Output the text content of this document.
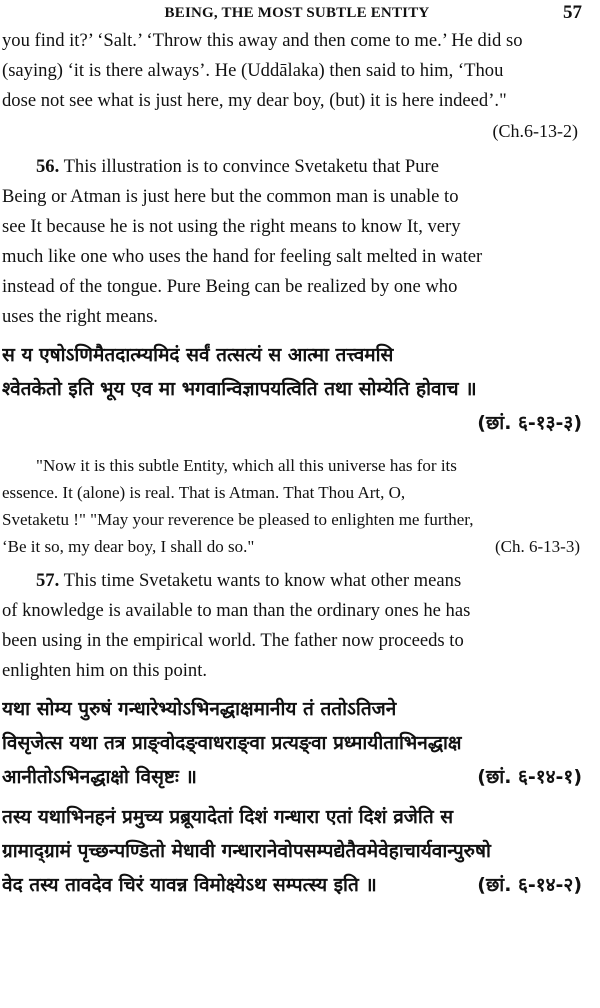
BEING, THE MOST SUBTLE ENTITY	57
you find it?’ ‘Salt.’ ‘Throw this away and then come to me.’ He did so
(saying) ‘it is there always’. He (Uddālaka) then said to him, ‘Thou
dose not see what is just here, my dear boy, (but) it is here indeed’."
(Ch.6-13-2)
56. This illustration is to convince Svetaketu that Pure
Being or Atman is just here but the common man is unable to
see It because he is not using the right means to know It, very
much like one who uses the hand for feeling salt melted in water
instead of the tongue. Pure Being can be realized by one who
uses the right means.
स य एषोऽणिमैतदात्म्यमिदं सर्वं तत्सत्यं स आत्मा तत्त्वमसि
श्वेतकेतो इति भूय एव मा भगवान्विज्ञापयत्विति तथा सोम्येति होवाच ॥
(छां. ६-१३-३)
"Now it is this subtle Entity, which all this universe has for its
essence. It (alone) is real. That is Atman. That Thou Art, O,
Svetaketu !" "May your reverence be pleased to enlighten me further,
‘Be it so, my dear boy, I shall do so."	(Ch. 6-13-3)
57. This time Svetaketu wants to know what other means
of knowledge is available to man than the ordinary ones he has
been using in the empirical world. The father now proceeds to
enlighten him on this point.
यथा सोम्य पुरुषं गन्धारेभ्योऽभिनद्धाक्षमानीय तं ततोऽतिजने
विसृजेत्स यथा तत्र प्राङ्वोदङ्वाधराङ्वा प्रत्यङ्वा प्रध्मायीताभिनद्धाक्ष
आनीतोऽभिनद्धाक्षो विसृष्टः ॥	(छां. ६-१४-१)
तस्य यथाभिनहनं प्रमुच्य प्रब्रूयादेतां दिशं गन्धारा एतां दिशं व्रजेति स
ग्रामाद्ग्रामं पृच्छन्पण्डितो मेधावी गन्धारानेवोपसम्पद्येतैवमेवेहाचार्यवान्पुरुषो
वेद तस्य तावदेव चिरं यावन्न विमोक्ष्येऽथ सम्पत्स्य इति ॥	(छां. ६-१४-२)
